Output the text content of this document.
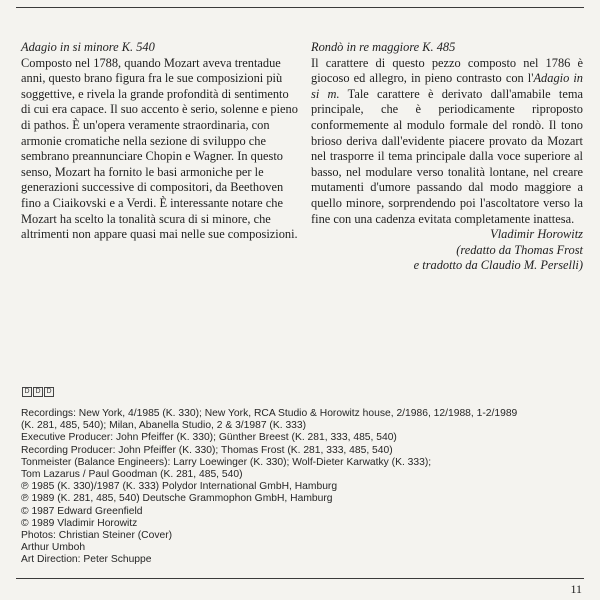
Adagio in si minore K. 540

Composto nel 1788, quando Mozart aveva trentadue anni, questo brano figura fra le sue composizioni più soggettive, e rivela la grande profondità di sentimento di cui era capace. Il suo accento è serio, solenne e pieno di pathos. È un'opera veramente straordinaria, con armonie cromatiche nella sezione di sviluppo che sembrano preannunciare Chopin e Wagner. In questo senso, Mozart ha fornito le basi armoniche per le generazioni successive di compositori, da Beethoven fino a Ciaikovski e a Verdi. È interessante notare che Mozart ha scelto la tonalità scura di si minore, che altrimenti non appare quasi mai nelle sue composizioni.

Rondò in re maggiore K. 485

Il carattere di questo pezzo composto nel 1786 è giocoso ed allegro, in pieno contrasto con l'Adagio in si m. Tale carattere è derivato dall'amabile tema principale, che è periodicamente riproposto conformemente al modulo formale del rondò. Il tono brioso deriva dall'evidente piacere provato da Mozart nel trasporre il tema principale dalla voce superiore al basso, nel modulare verso tonalità lontane, nel creare mutamenti d'umore passando dal modo maggiore a quello minore, sorprendendo poi l'ascoltatore verso la fine con una cadenza evitata completamente inattesa.

Vladimir Horowitz
(redatto da Thomas Frost
e tradotto da Claudio M. Perselli)
D D D
Recordings: New York, 4/1985 (K. 330); New York, RCA Studio & Horowitz house, 2/1986, 12/1988, 1-2/1989
(K. 281, 485, 540); Milan, Abanella Studio, 2 & 3/1987 (K. 333)
Executive Producer: John Pfeiffer (K. 330); Günther Breest (K. 281, 333, 485, 540)
Recording Producer: John Pfeiffer (K. 330); Thomas Frost (K. 281, 333, 485, 540)
Tonmeister (Balance Engineers): Larry Loewinger (K. 330); Wolf-Dieter Karwatky (K. 333);
Tom Lazarus / Paul Goodman (K. 281, 485, 540)
℗ 1985 (K. 330)/1987 (K. 333) Polydor International GmbH, Hamburg
℗ 1989 (K. 281, 485, 540) Deutsche Grammophon GmbH, Hamburg
© 1987 Edward Greenfield
© 1989 Vladimir Horowitz
Photos: Christian Steiner (Cover)
Arthur Umboh
Art Direction: Peter Schuppe
11
